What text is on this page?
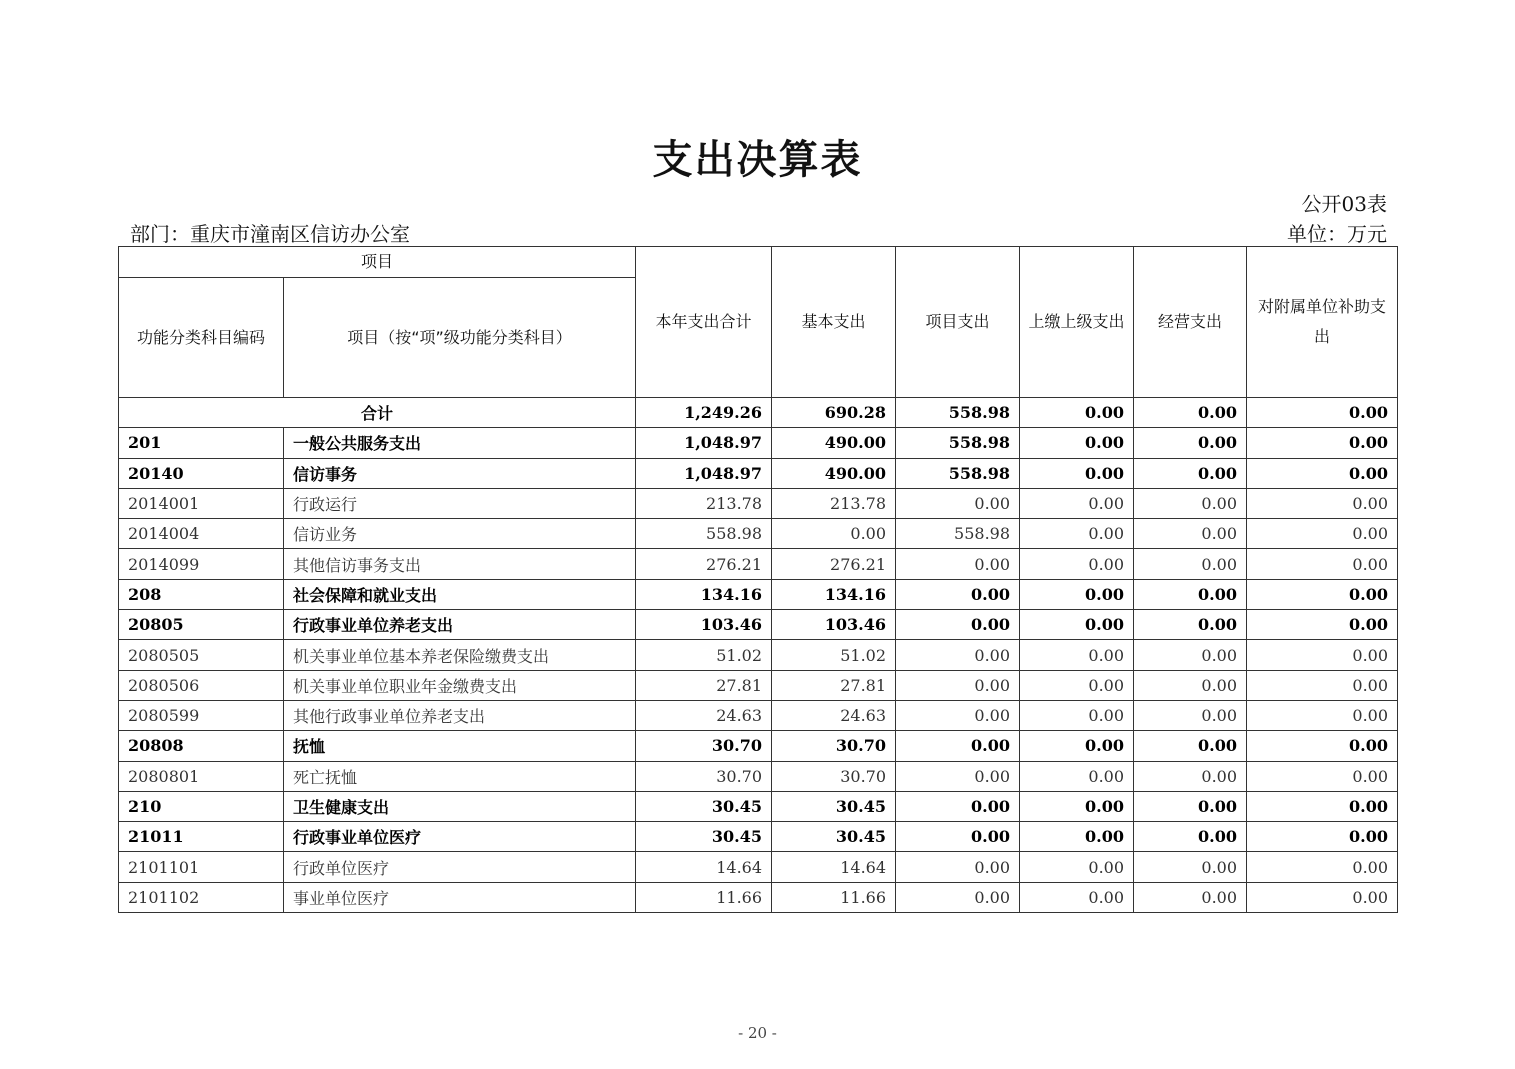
支出决算表
公开03表
部门：重庆市潼南区信访办公室	单位：万元
项目		本年支出合计	基本支出	项目支出	上缴上级支出	经营支出	对附属单位补助支出
功能分类科目编码	项目（按“项”级功能分类科目）						
合计		1,249.26	690.28	558.98	0.00	0.00	0.00
201	一般公共服务支出	1,048.97	490.00	558.98	0.00	0.00	0.00
20140	信访事务	1,048.97	490.00	558.98	0.00	0.00	0.00
2014001	行政运行	213.78	213.78	0.00	0.00	0.00	0.00
2014004	信访业务	558.98	0.00	558.98	0.00	0.00	0.00
2014099	其他信访事务支出	276.21	276.21	0.00	0.00	0.00	0.00
208	社会保障和就业支出	134.16	134.16	0.00	0.00	0.00	0.00
20805	行政事业单位养老支出	103.46	103.46	0.00	0.00	0.00	0.00
2080505	机关事业单位基本养老保险缴费支出	51.02	51.02	0.00	0.00	0.00	0.00
2080506	机关事业单位职业年金缴费支出	27.81	27.81	0.00	0.00	0.00	0.00
2080599	其他行政事业单位养老支出	24.63	24.63	0.00	0.00	0.00	0.00
20808	抚恤	30.70	30.70	0.00	0.00	0.00	0.00
2080801	死亡抚恤	30.70	30.70	0.00	0.00	0.00	0.00
210	卫生健康支出	30.45	30.45	0.00	0.00	0.00	0.00
21011	行政事业单位医疗	30.45	30.45	0.00	0.00	0.00	0.00
2101101	行政单位医疗	14.64	14.64	0.00	0.00	0.00	0.00
2101102	事业单位医疗	11.66	11.66	0.00	0.00	0.00	0.00
- 20 -
